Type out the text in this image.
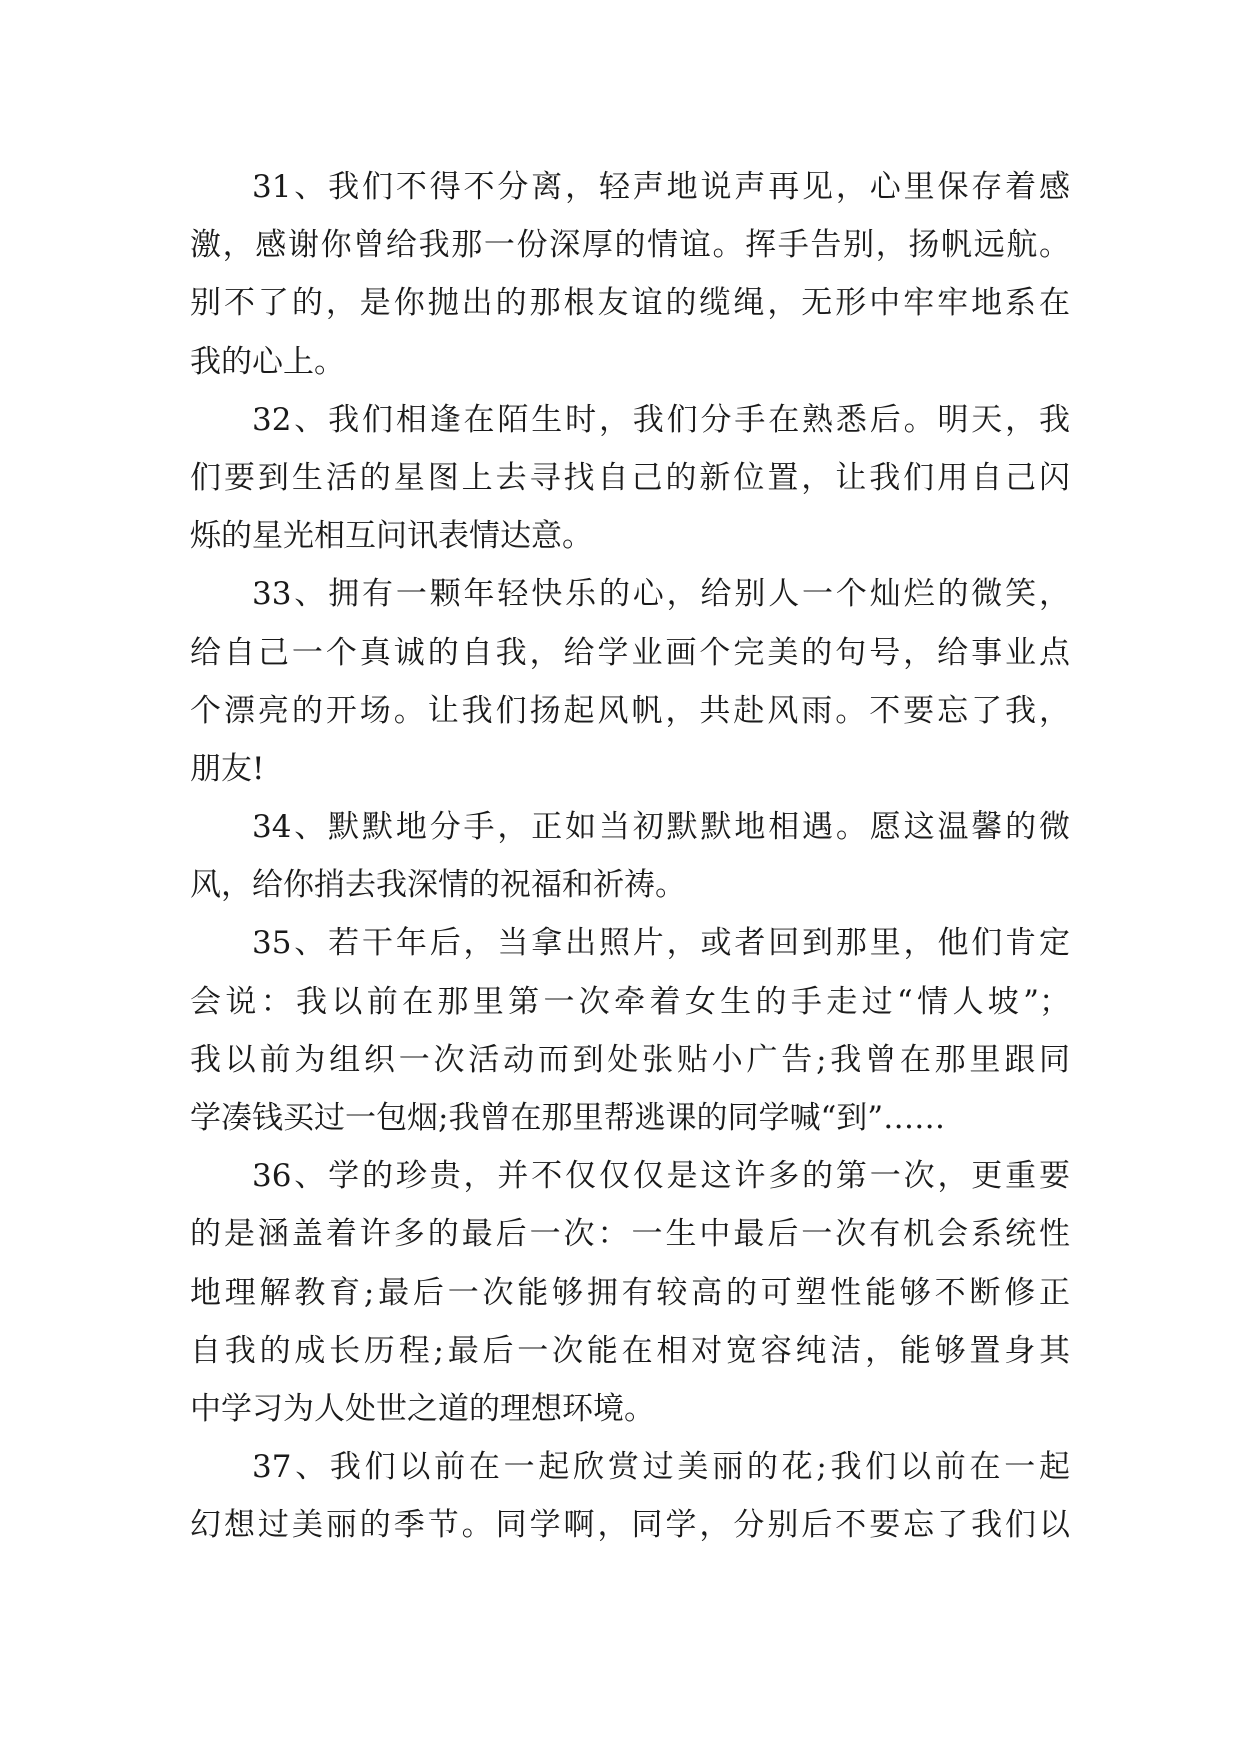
31、我们不得不分离，轻声地说声再见，心里保存着感
激，感谢你曾给我那一份深厚的情谊。挥手告别，扬帆远航。
别不了的，是你抛出的那根友谊的缆绳，无形中牢牢地系在
我的心上。
32、我们相逢在陌生时，我们分手在熟悉后。明天，我
们要到生活的星图上去寻找自己的新位置，让我们用自己闪
烁的星光相互问讯表情达意。
33、拥有一颗年轻快乐的心，给别人一个灿烂的微笑，
给自己一个真诚的自我，给学业画个完美的句号，给事业点
个漂亮的开场。让我们扬起风帆，共赴风雨。不要忘了我，
朋友!
34、默默地分手，正如当初默默地相遇。愿这温馨的微
风，给你捎去我深情的祝福和祈祷。
35、若干年后，当拿出照片，或者回到那里，他们肯定
会说：我以前在那里第一次牵着女生的手走过“情人坡”；
我以前为组织一次活动而到处张贴小广告;我曾在那里跟同
学凑钱买过一包烟;我曾在那里帮逃课的同学喊“到”……
36、学的珍贵，并不仅仅仅是这许多的第一次，更重要
的是涵盖着许多的最后一次：一生中最后一次有机会系统性
地理解教育;最后一次能够拥有较高的可塑性能够不断修正
自我的成长历程;最后一次能在相对宽容纯洁，能够置身其
中学习为人处世之道的理想环境。
37、我们以前在一起欣赏过美丽的花;我们以前在一起
幻想过美丽的季节。同学啊，同学，分别后不要忘了我们以
